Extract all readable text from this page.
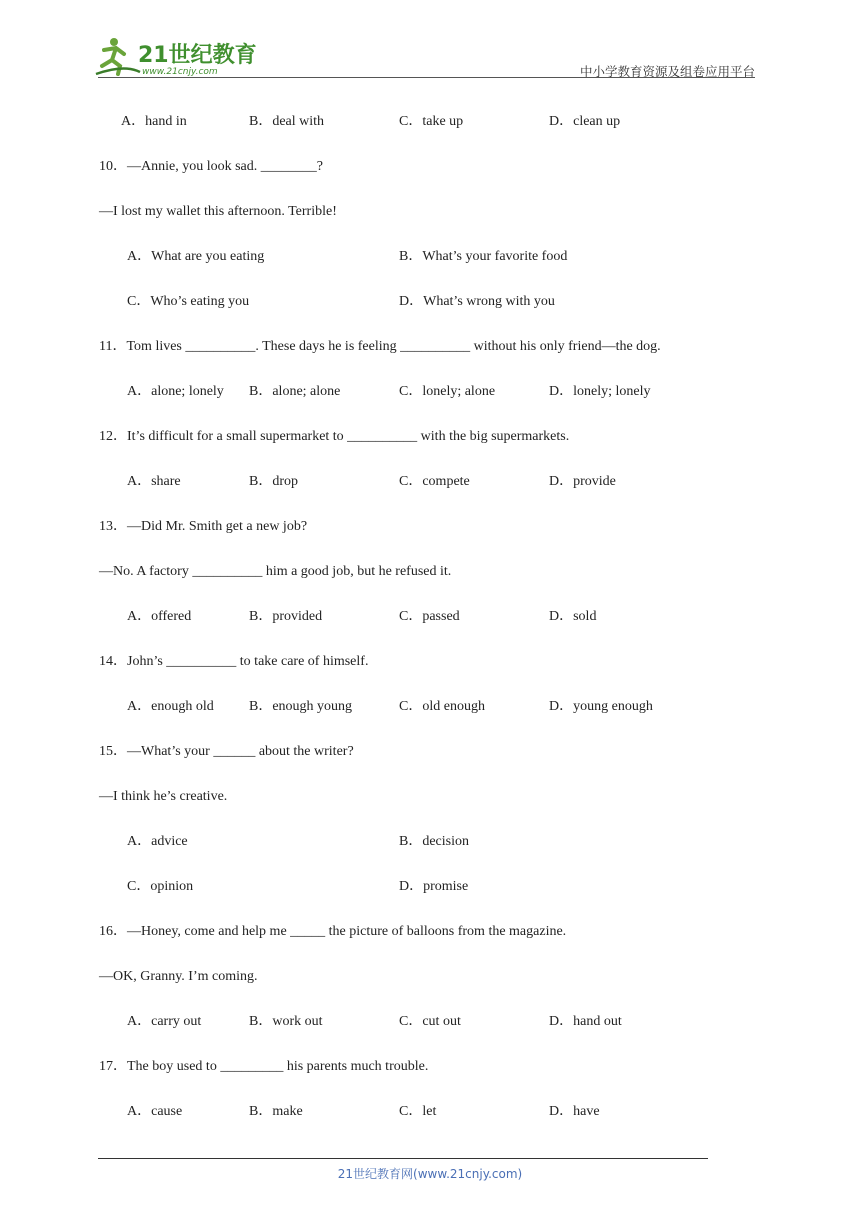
21世纪教育
www.21cnjy.com	中小学教育资源及组卷应用平台
A．hand in	B．deal with	C．take up	D．clean up
10．—Annie, you look sad. ________?
—I lost my wallet this afternoon. Terrible!
A．What are you eating	B．What’s your favorite food
C．Who’s eating you	D．What’s wrong with you
11．Tom lives __________. These days he is feeling __________ without his only friend—the dog.
A．alone; lonely B．alone; alone	C．lonely; alone	D．lonely; lonely
12．It’s difficult for a small supermarket to __________ with the big supermarkets.
A．share	B．drop	C．compete	D．provide
13．—Did Mr. Smith get a new job?
—No. A factory __________ him a good job, but he refused it.
A．offered	B．provided	C．passed	D．sold
14．John’s __________ to take care of himself.
A．enough old	B．enough young	C．old enough	D．young enough
15．—What’s your ______ about the writer?
—I think he’s creative.
A．advice	B．decision
C．opinion	D．promise
16．—Honey, come and help me _____ the picture of balloons from the magazine.
—OK, Granny. I’m coming.
A．carry out	B．work out	C．cut out	D．hand out
17．The boy used to _________ his parents much trouble.
A．cause	B．make	C．let	D．have
21世纪教育网(www.21cnjy.com)
